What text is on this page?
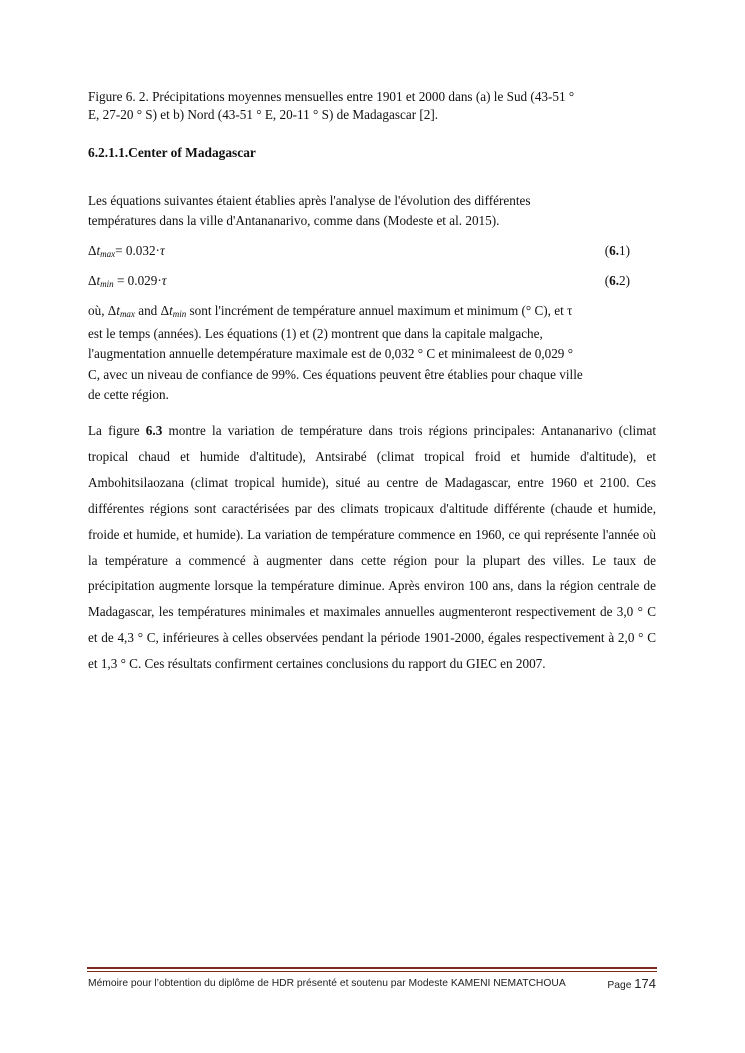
Figure 6. 2. Précipitations moyennes mensuelles entre 1901 et 2000 dans (a) le Sud (43-51 °
E, 27-20 ° S) et b) Nord (43-51 ° E, 20-11 ° S) de Madagascar [2].

6.2.1.1.Center of Madagascar

Les équations suivantes étaient établies après l'analyse de l'évolution des différentes
températures dans la ville d'Antananarivo, comme dans (Modeste et al. 2015).

$\Delta t_{max}= 0.032\cdot\tau$	(6.1)
$\Delta t_{min} = 0.029\cdot\tau$	(6.2)

où, $\Delta t_{max}$ and $\Delta t_{min}$ sont l'incrément de température annuel maximum et minimum (° C), et τ
est le temps (années). Les équations (1) et (2) montrent que dans la capitale malgache,
l'augmentation annuelle detempérature maximale est de 0,032 ° C et minimaleest de 0,029 °
C, avec un niveau de confiance de 99%. Ces équations peuvent être établies pour chaque ville
de cette région.

La figure 6.3 montre la variation de température dans trois régions principales: Antananarivo (climat tropical chaud et humide d'altitude), Antsirabé (climat tropical froid et humide d'altitude), et Ambohitsilaozana (climat tropical humide), situé au centre de Madagascar, entre 1960 et 2100. Ces différentes régions sont caractérisées par des climats tropicaux d'altitude différente (chaude et humide, froide et humide, et humide). La variation de température commence en 1960, ce qui représente l'année où la température a commencé à augmenter dans cette région pour la plupart des villes. Le taux de précipitation augmente lorsque la température diminue. Après environ 100 ans, dans la région centrale de Madagascar, les températures minimales et maximales annuelles augmenteront respectivement de 3,0 ° C et de 4,3 ° C, inférieures à celles observées pendant la période 1901-2000, égales respectivement à 2,0 ° C et 1,3 ° C. Ces résultats confirment certaines conclusions du rapport du GIEC en 2007.

Mémoire pour l’obtention du diplôme de HDR présenté et soutenu par Modeste KAMENI NEMATCHOUA	Page 174
